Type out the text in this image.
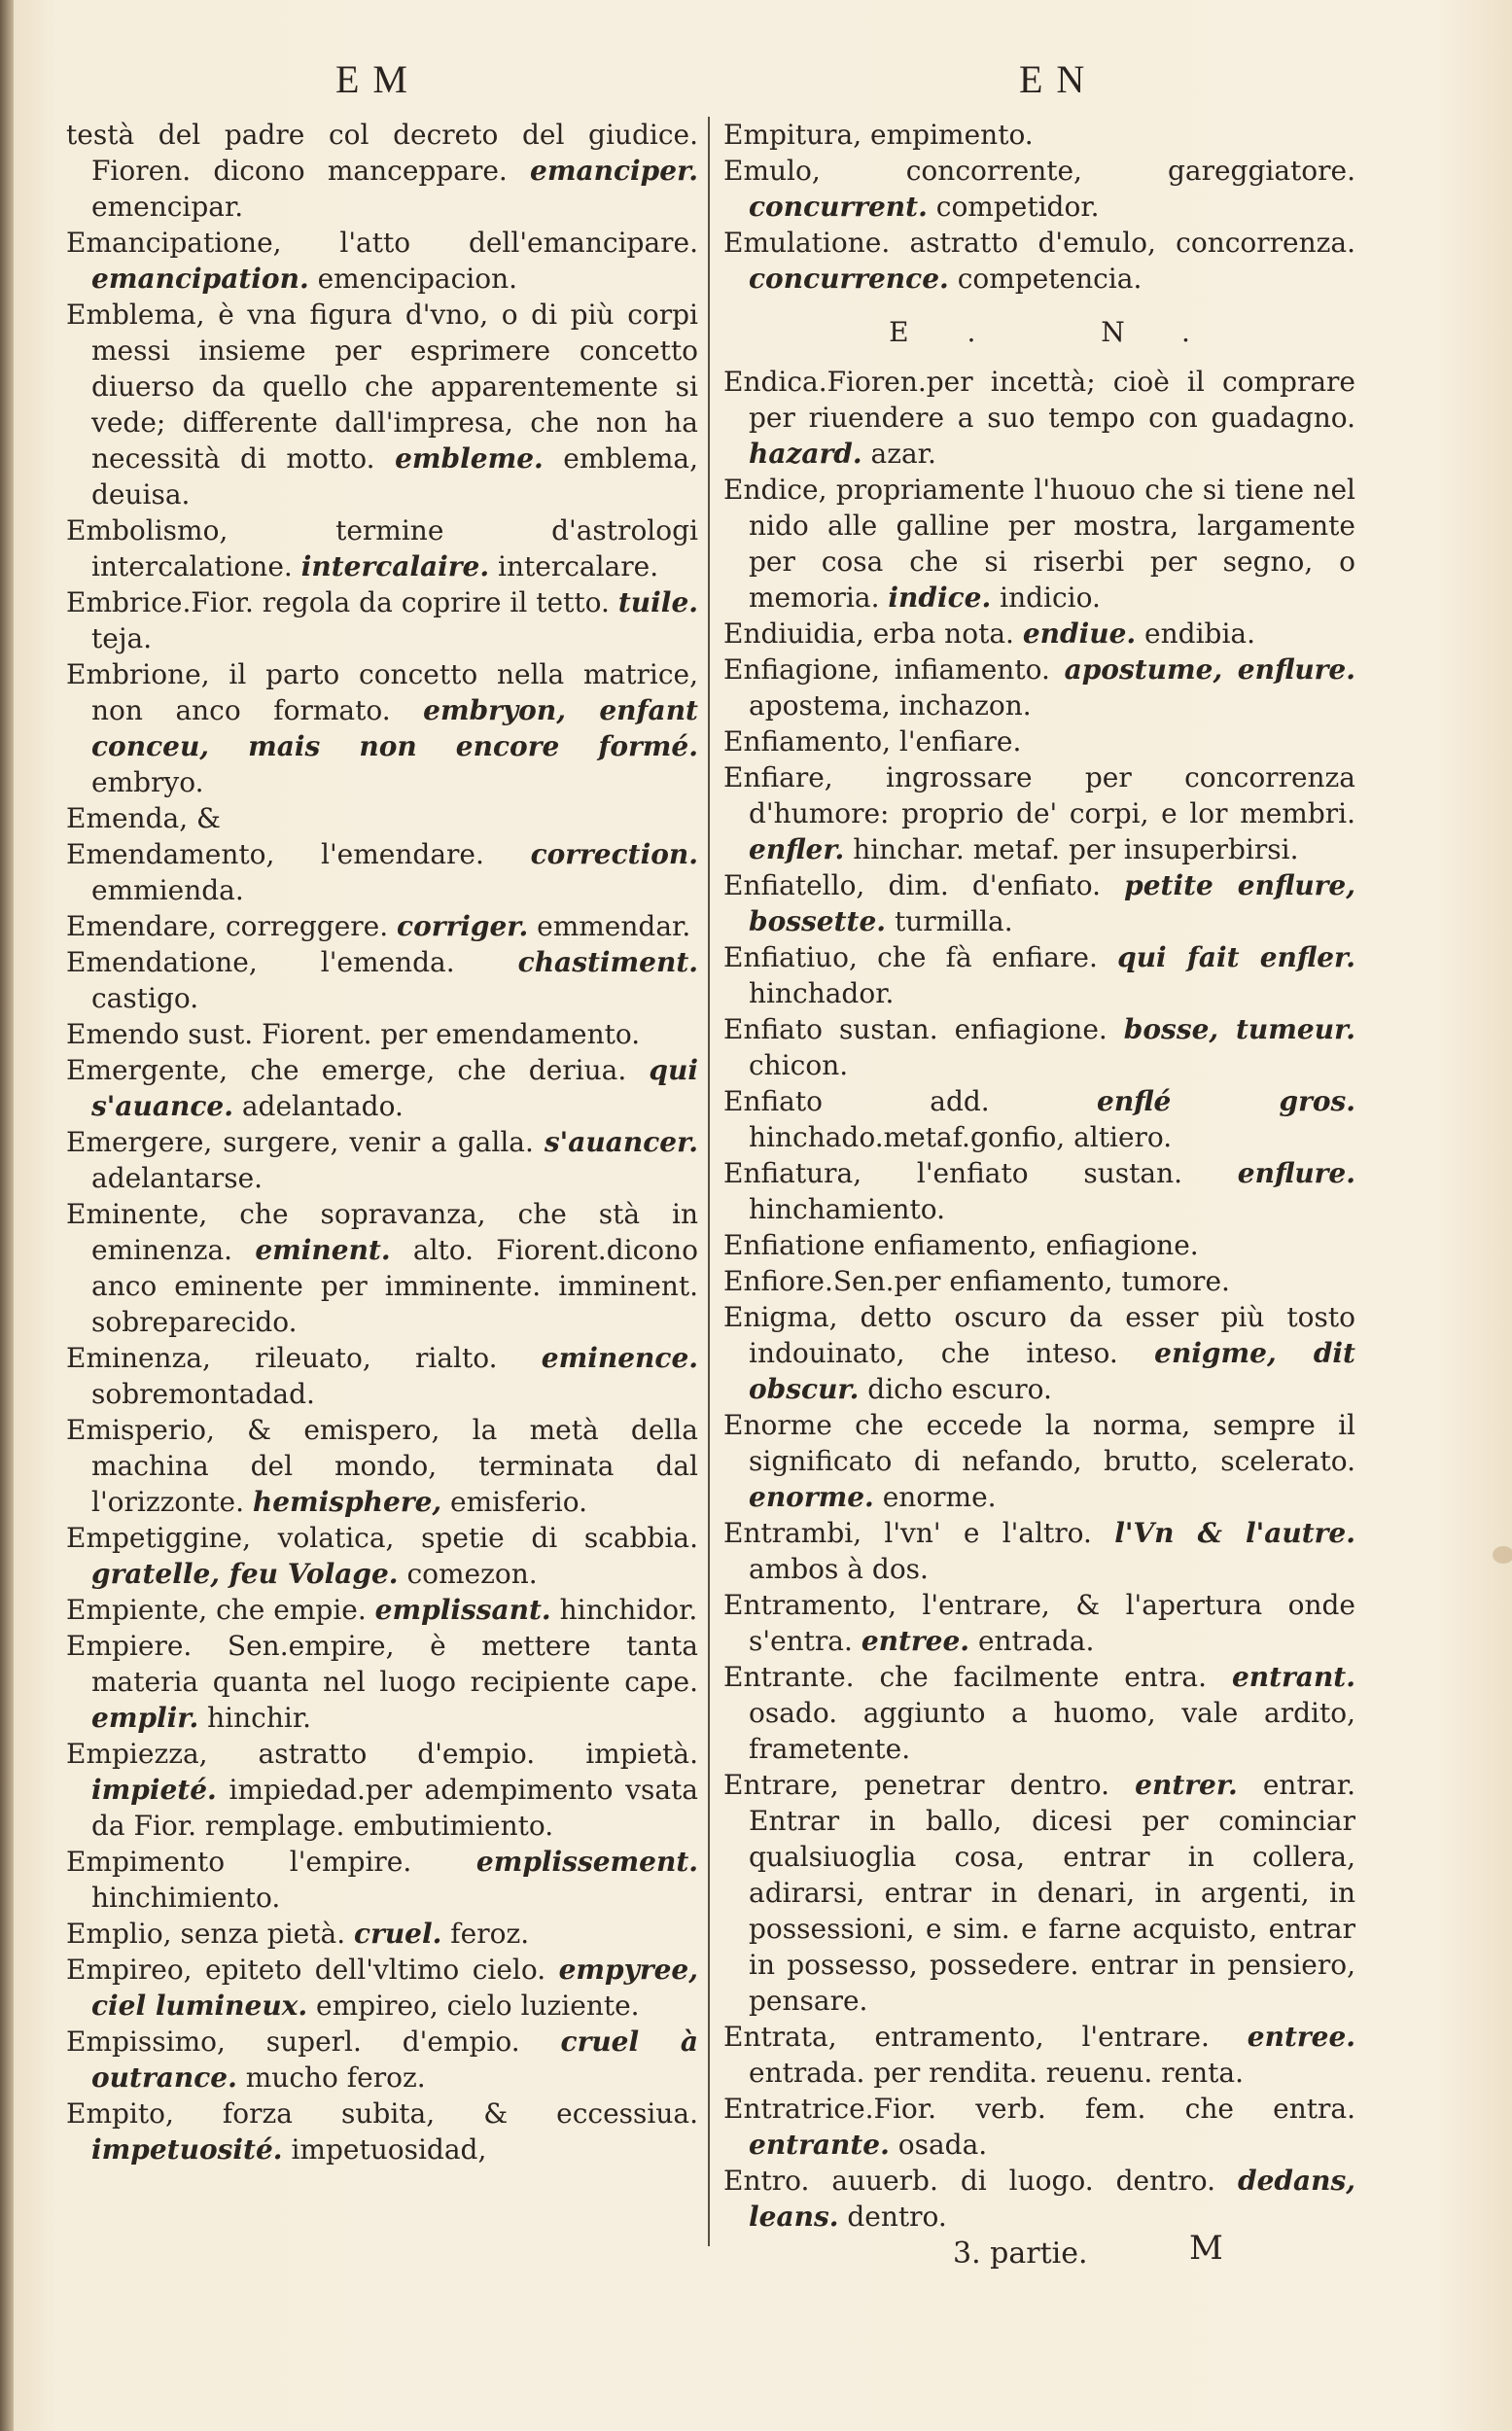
EM	EN

testà del padre col decreto del giudice. Fioren. dicono manceppare. emanciper. emencipar.

Emancipatione, l'atto dell'emancipare. emancipation. emencipacion.

Emblema, è vna figura d'vno, o di più corpi messi insieme per esprimere concetto diuerso da quello che apparentemente si vede; differente dall'impresa, che non ha necessità di motto. embleme. emblema, deuisa.

Embolismo, termine d'astrologi intercalatione. intercalaire. intercalare.

Embrice.Fior. regola da coprire il tetto. tuile. teja.

Embrione, il parto concetto nella matrice, non anco formato. embryon, enfant conceu, mais non encore formé. embryo.

Emenda, &

Emendamento, l'emendare. correction. emmienda.

Emendare, correggere. corriger. emmendar.

Emendatione, l'emenda. chastiment. castigo.

Emendo sust. Fiorent. per emendamento.

Emergente, che emerge, che deriua. qui s'auance. adelantado.

Emergere, surgere, venir a galla. s'auancer. adelantarse.

Eminente, che sopravanza, che stà in eminenza. eminent. alto. Fiorent.dicono anco eminente per imminente. imminent. sobreparecido.

Eminenza, rileuato, rialto. eminence. sobremontadad.

Emisperio, & emispero, la metà della machina del mondo, terminata dal l'orizzonte. hemisphere, emisferio.

Empetiggine, volatica, spetie di scabbia. gratelle, feu Volage. comezon.

Empiente, che empie. emplissant. hinchidor.

Empiere. Sen.empire, è mettere tanta materia quanta nel luogo recipiente cape. emplir. hinchir.

Empiezza, astratto d'empio. impietà. impieté. impiedad.per adempimento vsata da Fior. remplage. embutimiento.

Empimento l'empire. emplissement. hinchimiento.

Emplio, senza pietà. cruel. feroz.

Empireo, epiteto dell'vltimo cielo. empyree, ciel lumineux. empireo, cielo luziente.

Empissimo, superl. d'empio. cruel à outrance. mucho feroz.

Empito, forza subita, & eccessiua. impetuosité. impetuosidad,

Empitura, empimento.

Emulo, concorrente, gareggiatore. concurrent. competidor.

Emulatione. astratto d'emulo, concorrenza. concurrence. competencia.

E. N.

Endica.Fioren.per incettà; cioè il comprare per riuendere a suo tempo con guadagno. hazard. azar.

Endice, propriamente l'huouo che si tiene nel nido alle galline per mostra, largamente per cosa che si riserbi per segno, o memoria. indice. indicio.

Endiuidia, erba nota. endiue. endibia.

Enfiagione, infiamento. apostume, enflure. apostema, inchazon.

Enfiamento, l'enfiare.

Enfiare, ingrossare per concorrenza d'humore: proprio de' corpi, e lor membri. enfler. hinchar. metaf. per insuperbirsi.

Enfiatello, dim. d'enfiato. petite enflure, bossette. turmilla.

Enfiatiuo, che fà enfiare. qui fait enfler. hinchador.

Enfiato sustan. enfiagione. bosse, tumeur. chicon.

Enfiato add.	enflé gros. hinchado.metaf.gonfio, altiero.

Enfiatura, l'enfiato sustan. enflure. hinchamiento.

Enfiatione enfiamento, enfiagione.

Enfiore.Sen.per enfiamento, tumore.

Enigma, detto oscuro da esser più tosto indouinato, che inteso. enigme, dit obscur. dicho escuro.

Enorme che eccede la norma, sempre il significato di nefando, brutto, scelerato. enorme. enorme.

Entrambi, l'vn' e l'altro. l'Vn & l'autre. ambos à dos.

Entramento, l'entrare, & l'apertura onde s'entra. entree. entrada.

Entrante. che facilmente entra. entrant. osado. aggiunto a huomo, vale ardito, frametente.

Entrare, penetrar dentro. entrer. entrar. Entrar in ballo, dicesi per cominciar qualsiuoglia cosa, entrar in collera, adirarsi, entrar in denari, in argenti, in possessioni, e sim. e farne acquisto, entrar in possesso, possedere. entrar in pensiero, pensare.

Entrata, entramento, l'entrare. entree. entrada. per rendita. reuenu. renta.

Entratrice.Fior. verb. fem. che entra. entrante. osada.

Entro. auuerb. di luogo. dentro. dedans, leans. dentro.

3. partie.	M
